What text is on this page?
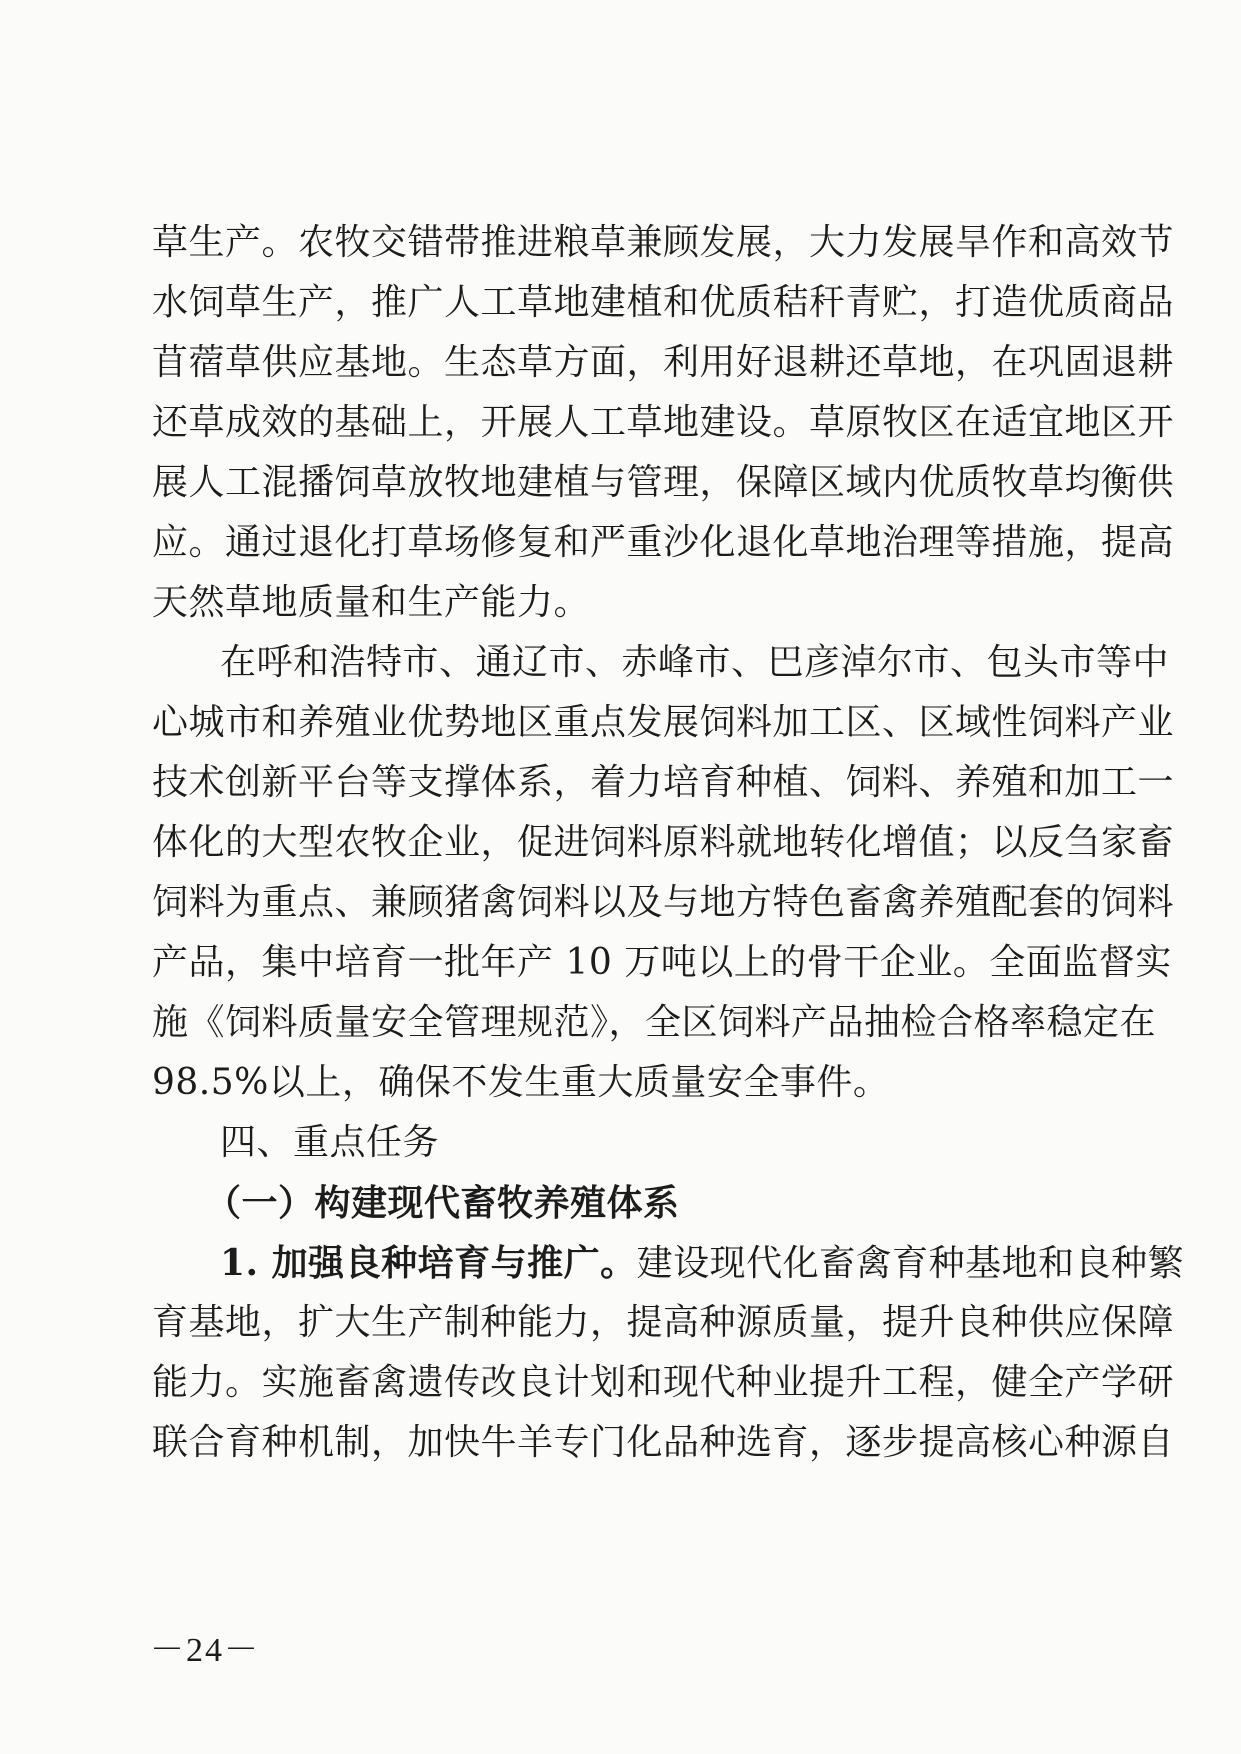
草生产。农牧交错带推进粮草兼顾发展，大力发展旱作和高效节
水饲草生产，推广人工草地建植和优质秸秆青贮，打造优质商品
苜蓿草供应基地。生态草方面，利用好退耕还草地，在巩固退耕
还草成效的基础上，开展人工草地建设。草原牧区在适宜地区开
展人工混播饲草放牧地建植与管理，保障区域内优质牧草均衡供
应。通过退化打草场修复和严重沙化退化草地治理等措施，提高
天然草地质量和生产能力。
在呼和浩特市、通辽市、赤峰市、巴彦淖尔市、包头市等中
心城市和养殖业优势地区重点发展饲料加工区、区域性饲料产业
技术创新平台等支撑体系，着力培育种植、饲料、养殖和加工一
体化的大型农牧企业，促进饲料原料就地转化增值；以反刍家畜
饲料为重点、兼顾猪禽饲料以及与地方特色畜禽养殖配套的饲料
产品，集中培育一批年产 10 万吨以上的骨干企业。全面监督实
施《饲料质量安全管理规范》，全区饲料产品抽检合格率稳定在
98.5%以上，确保不发生重大质量安全事件。
四、重点任务
（一）构建现代畜牧养殖体系
1. 加强良种培育与推广。建设现代化畜禽育种基地和良种繁
育基地，扩大生产制种能力，提高种源质量，提升良种供应保障
能力。实施畜禽遗传改良计划和现代种业提升工程，健全产学研
联合育种机制，加快牛羊专门化品种选育，逐步提高核心种源自
－24－
